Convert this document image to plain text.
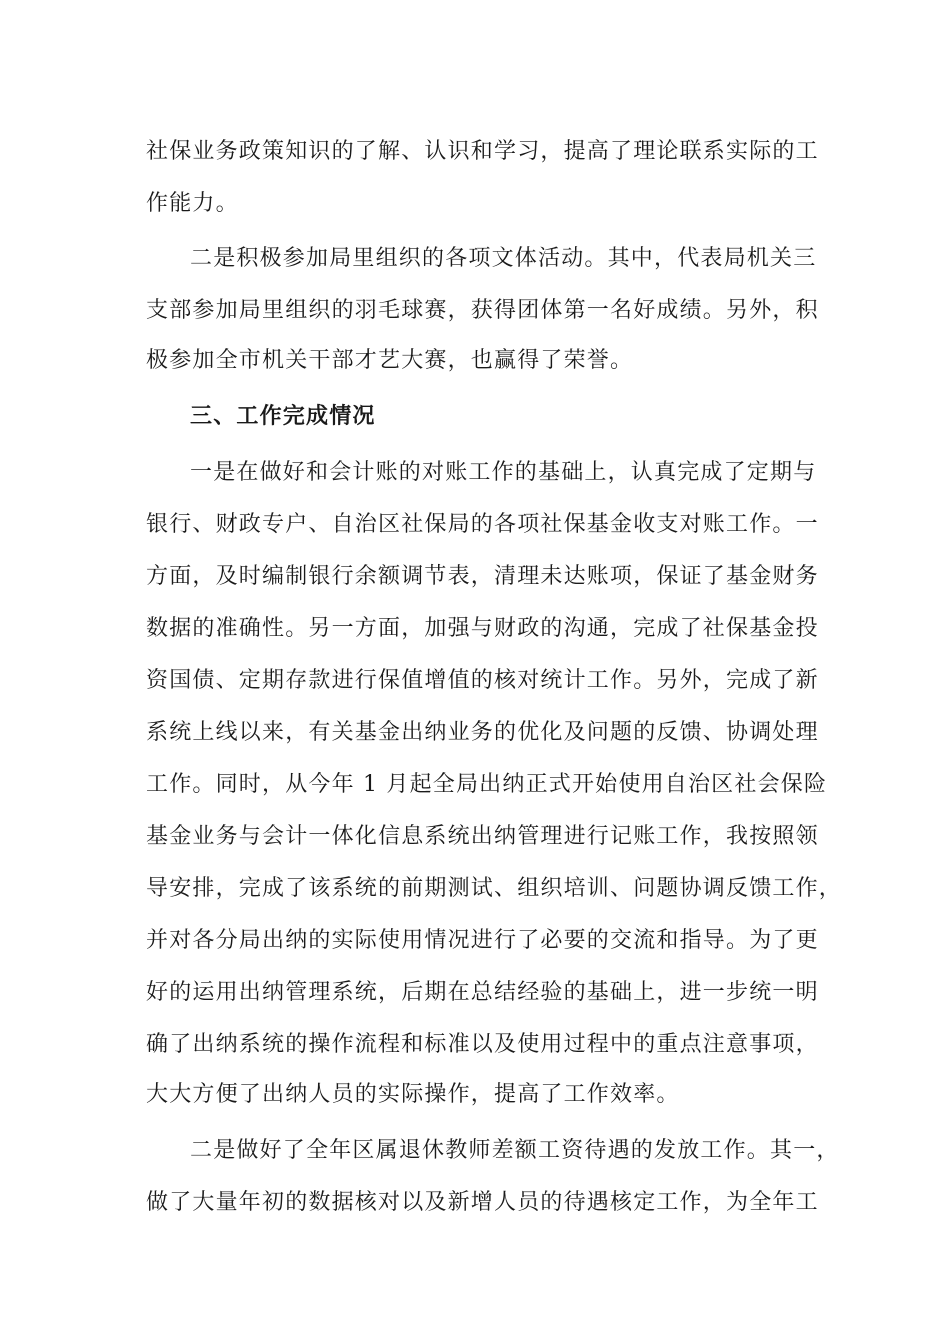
社保业务政策知识的了解、认识和学习，提高了理论联系实际的工
作能力。
二是积极参加局里组织的各项文体活动。其中，代表局机关三
支部参加局里组织的羽毛球赛，获得团体第一名好成绩。另外，积
极参加全市机关干部才艺大赛，也赢得了荣誉。
三、工作完成情况
一是在做好和会计账的对账工作的基础上，认真完成了定期与
银行、财政专户、自治区社保局的各项社保基金收支对账工作。一
方面，及时编制银行余额调节表，清理未达账项，保证了基金财务
数据的准确性。另一方面，加强与财政的沟通，完成了社保基金投
资国债、定期存款进行保值增值的核对统计工作。另外，完成了新
系统上线以来，有关基金出纳业务的优化及问题的反馈、协调处理
工作。同时，从今年 1 月起全局出纳正式开始使用自治区社会保险
基金业务与会计一体化信息系统出纳管理进行记账工作，我按照领
导安排，完成了该系统的前期测试、组织培训、问题协调反馈工作，
并对各分局出纳的实际使用情况进行了必要的交流和指导。为了更
好的运用出纳管理系统，后期在总结经验的基础上，进一步统一明
确了出纳系统的操作流程和标准以及使用过程中的重点注意事项，
大大方便了出纳人员的实际操作，提高了工作效率。
二是做好了全年区属退休教师差额工资待遇的发放工作。其一，
做了大量年初的数据核对以及新增人员的待遇核定工作，为全年工
